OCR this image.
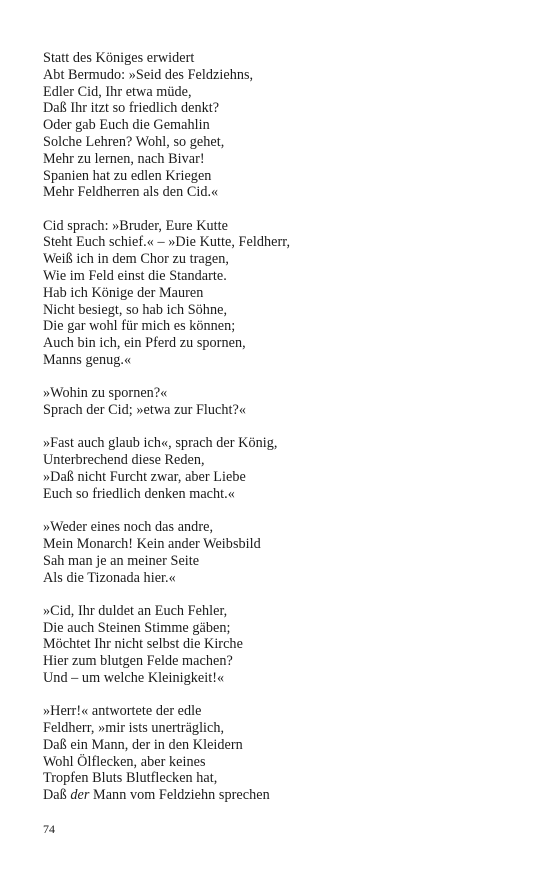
Statt des Königes erwidert
Abt Bermudo: »Seid des Feldziehns,
Edler Cid, Ihr etwa müde,
Daß Ihr itzt so friedlich denkt?
Oder gab Euch die Gemahlin
Solche Lehren? Wohl, so gehet,
Mehr zu lernen, nach Bivar!
Spanien hat zu edlen Kriegen
Mehr Feldherren als den Cid.«
Cid sprach: »Bruder, Eure Kutte
Steht Euch schief.« – »Die Kutte, Feldherr,
Weiß ich in dem Chor zu tragen,
Wie im Feld einst die Standarte.
Hab ich Könige der Mauren
Nicht besiegt, so hab ich Söhne,
Die gar wohl für mich es können;
Auch bin ich, ein Pferd zu spornen,
Manns genug.«
»Wohin zu spornen?«
Sprach der Cid; »etwa zur Flucht?«
»Fast auch glaub ich«, sprach der König,
Unterbrechend diese Reden,
»Daß nicht Furcht zwar, aber Liebe
Euch so friedlich denken macht.«
»Weder eines noch das andre,
Mein Monarch! Kein ander Weibsbild
Sah man je an meiner Seite
Als die Tizonada hier.«
»Cid, Ihr duldet an Euch Fehler,
Die auch Steinen Stimme gäben;
Möchtet Ihr nicht selbst die Kirche
Hier zum blutgen Felde machen?
Und – um welche Kleinigkeit!«
»Herr!« antwortete der edle
Feldherr, »mir ists unerträglich,
Daß ein Mann, der in den Kleidern
Wohl Ölflecken, aber keines
Tropfen Bluts Blutflecken hat,
Daß der Mann vom Feldziehn sprechen
74
